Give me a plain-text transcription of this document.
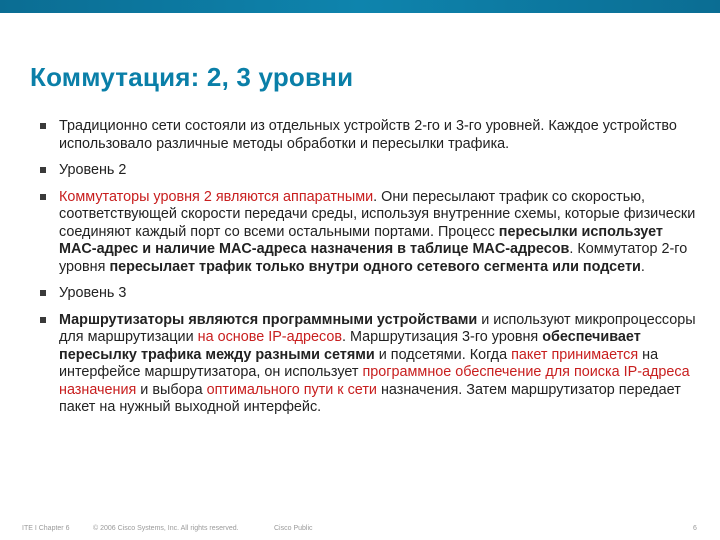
Коммутация: 2, 3 уровни
Традиционно сети состояли из отдельных устройств 2-го и 3-го уровней. Каждое устройство использовало различные методы обработки и пересылки трафика.
Уровень 2
Коммутаторы уровня 2 являются аппаратными. Они пересылают трафик со скоростью, соответствующей скорости передачи среды, используя внутренние схемы, которые физически соединяют каждый порт со всеми остальными портами. Процесс пересылки использует MAC-адрес и наличие MAC-адреса назначения в таблице MAC-адресов. Коммутатор 2-го уровня пересылает трафик только внутри одного сетевого сегмента или подсети.
Уровень 3
Маршрутизаторы являются программными устройствами и используют микропроцессоры для маршрутизации на основе IP-адресов. Маршрутизация 3-го уровня обеспечивает пересылку трафика между разными сетями и подсетями. Когда пакет принимается на интерфейсе маршрутизатора, он использует программное обеспечение для поиска IP-адреса назначения и выбора оптимального пути к сети назначения. Затем маршрутизатор передает пакет на нужный выходной интерфейс.
ITE I Chapter 6	© 2006 Cisco Systems, Inc. All rights reserved.	Cisco Public	6
